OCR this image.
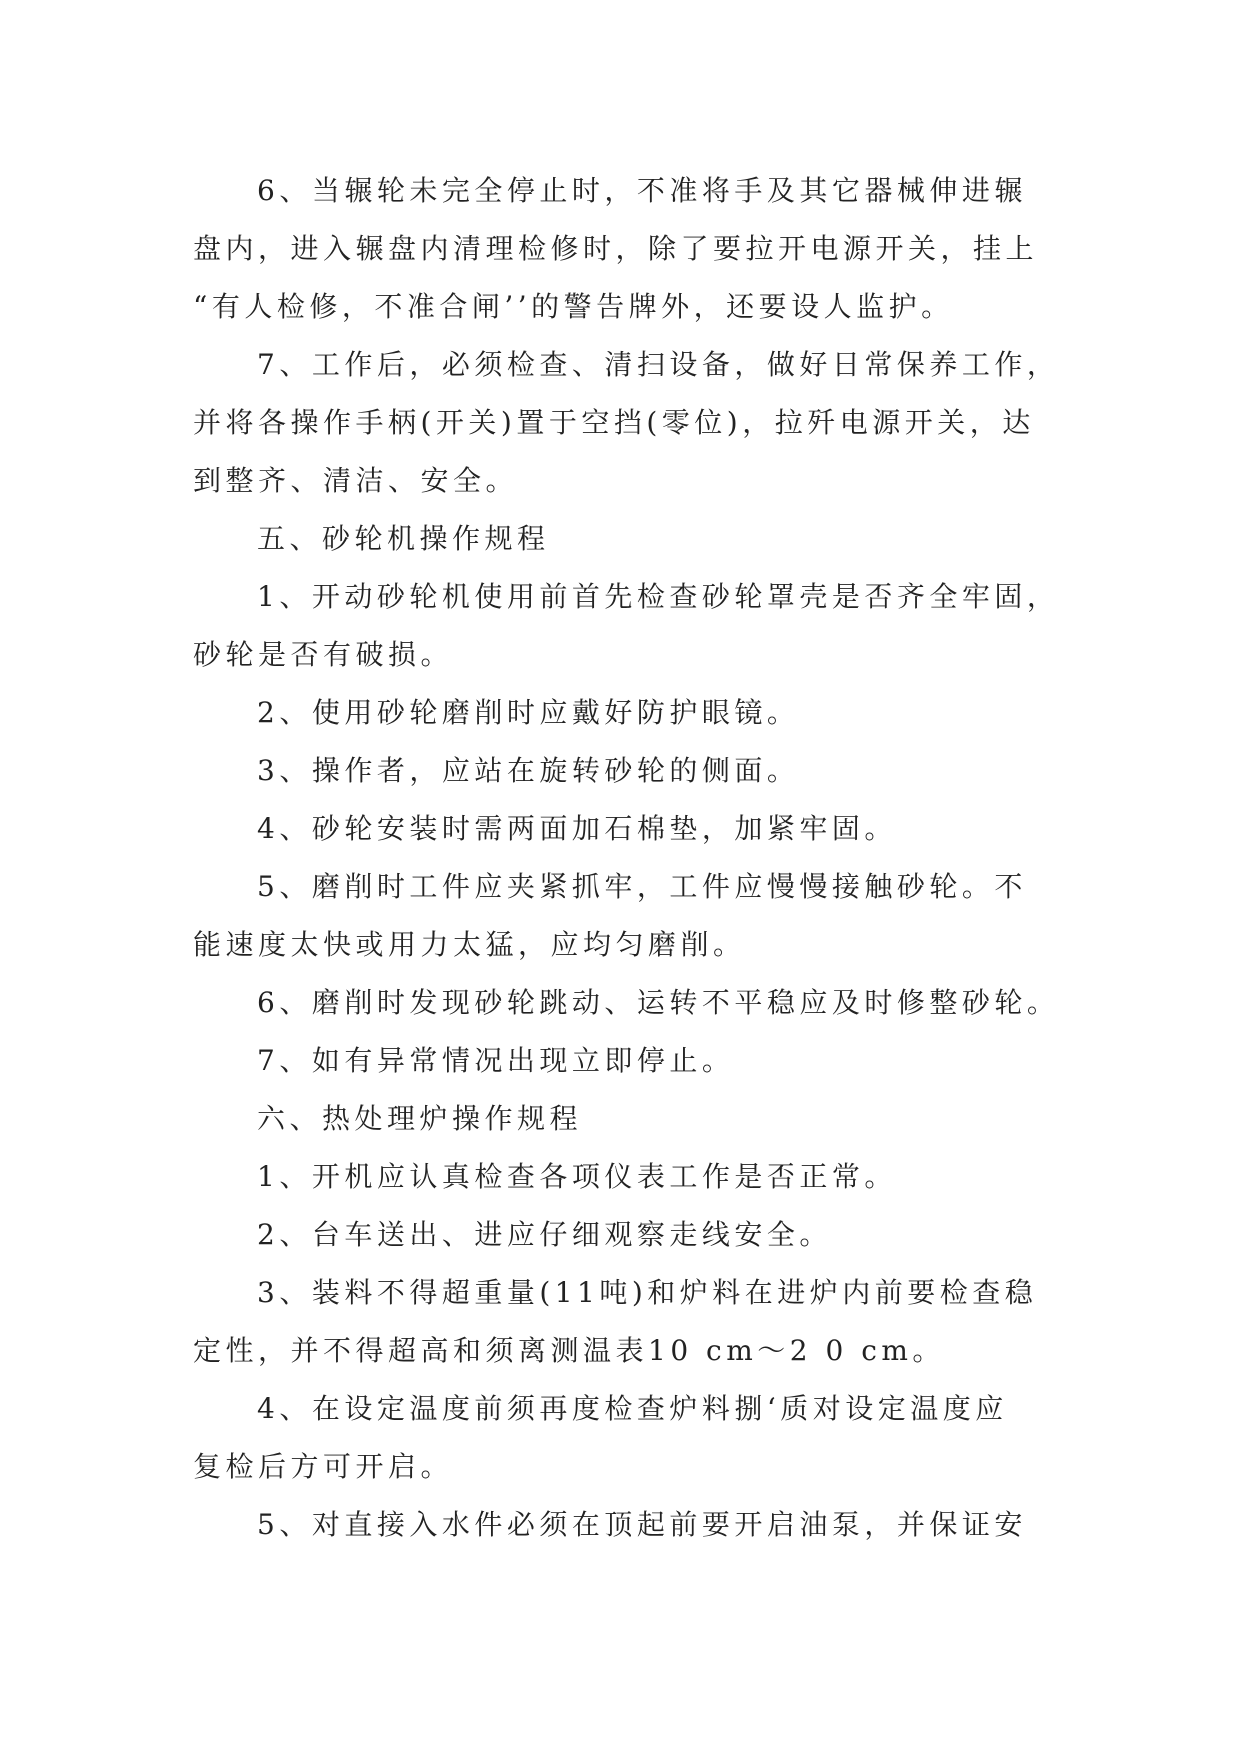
6、当辗轮未完全停止时，不准将手及其它器械伸进辗
盘内，进入辗盘内清理检修时，除了要拉开电源开关，挂上
“有人检修，不准合闸’’的警告牌外，还要设人监护。
7、工作后，必须检查、清扫设备，做好日常保养工作，
并将各操作手柄(开关)置于空挡(零位)，拉歼电源开关，达
到整齐、清洁、安全。
五、砂轮机操作规程
1、开动砂轮机使用前首先检查砂轮罩壳是否齐全牢固，
砂轮是否有破损。
2、使用砂轮磨削时应戴好防护眼镜。
3、操作者，应站在旋转砂轮的侧面。
4、砂轮安装时需两面加石棉垫，加紧牢固。
5、磨削时工件应夹紧抓牢，工件应慢慢接触砂轮。不
能速度太快或用力太猛，应均匀磨削。
6、磨削时发现砂轮跳动、运转不平稳应及时修整砂轮。
7、如有异常情况出现立即停止。
六、热处理炉操作规程
1、开机应认真检查各项仪表工作是否正常。
2、台车送出、进应仔细观察走线安全。
3、装料不得超重量(11吨)和炉料在进炉内前要检查稳
定性，并不得超高和须离测温表10 cm～2 0 cm。
4、在设定温度前须再度检查炉料捌‘质对设定温度应
复检后方可开启。
5、对直接入水件必须在顶起前要开启油泵，并保证安
